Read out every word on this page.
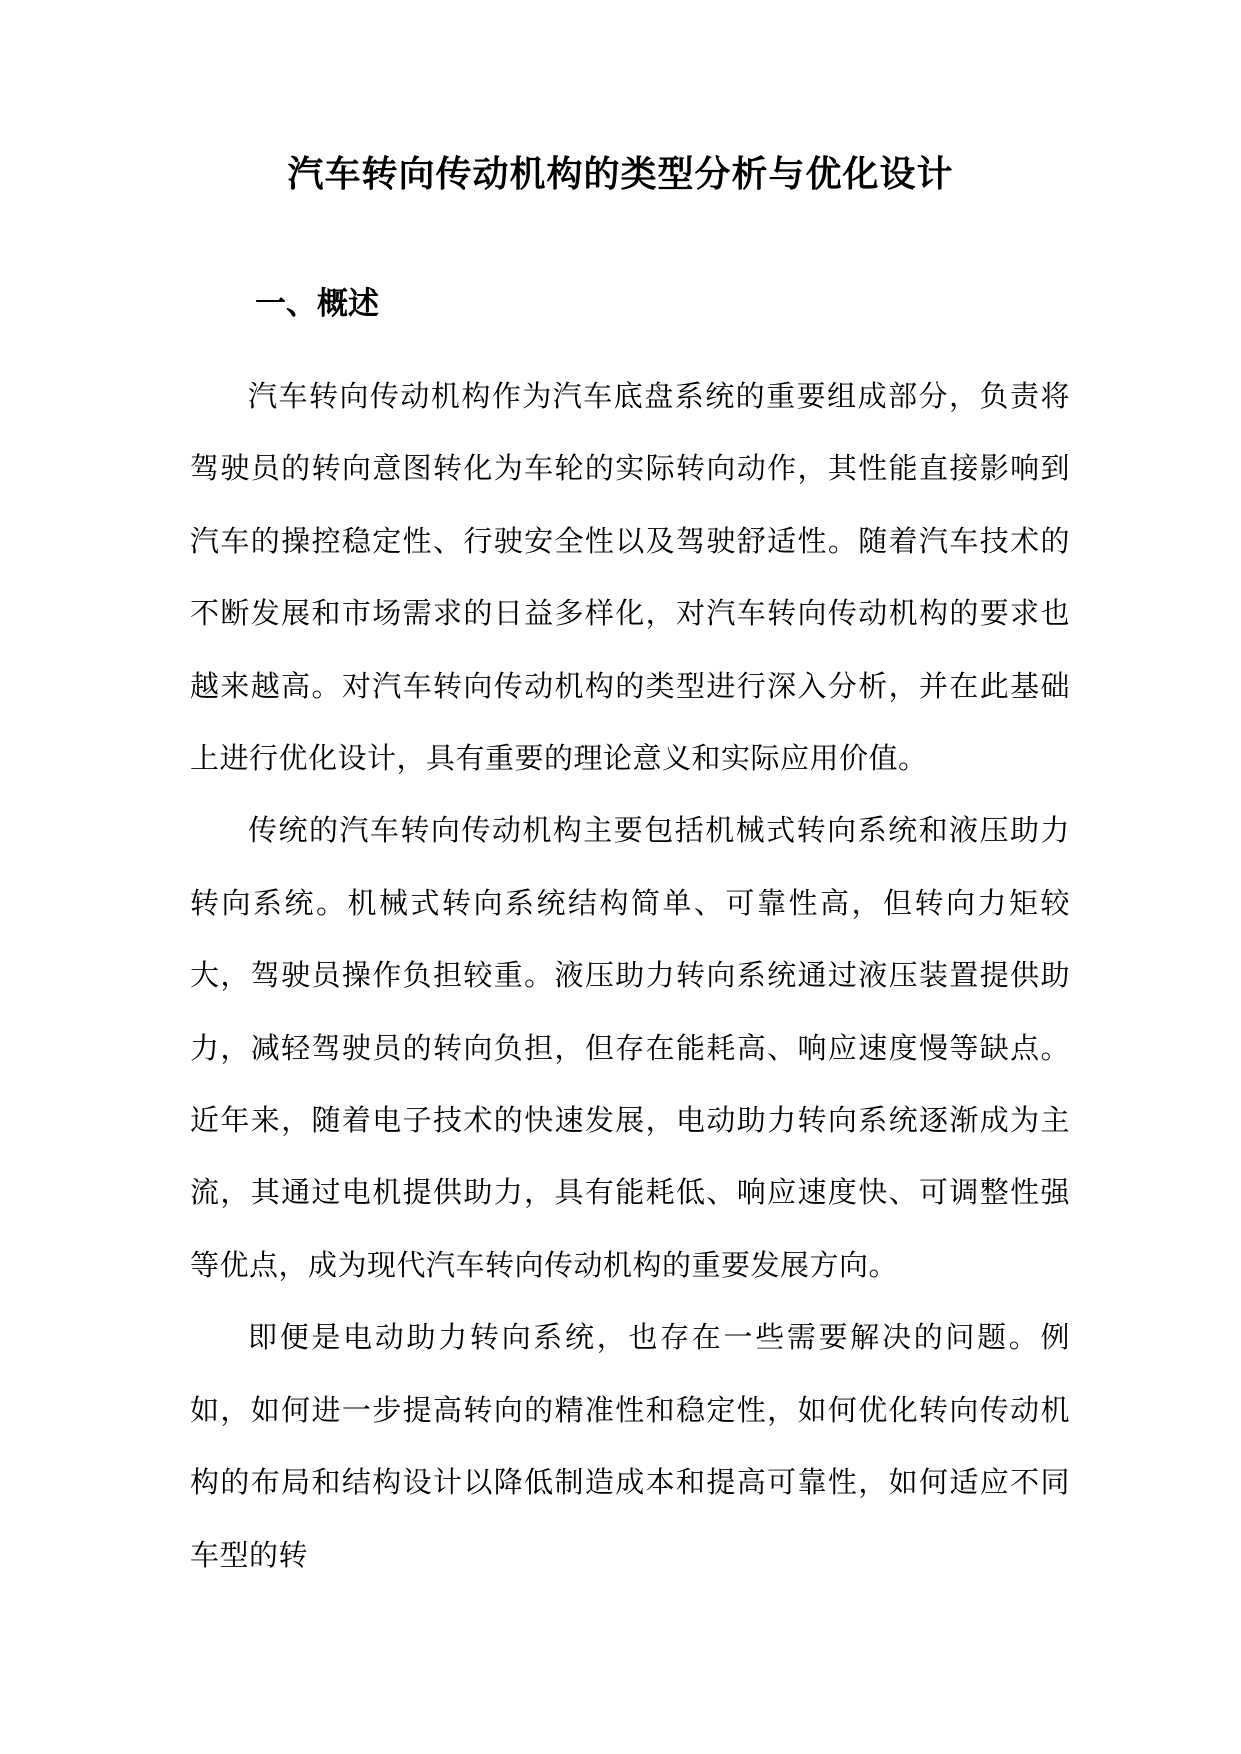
汽车转向传动机构的类型分析与优化设计
一、概述

汽车转向传动机构作为汽车底盘系统的重要组成部分，负责将驾驶员的转向意图转化为车轮的实际转向动作，其性能直接影响到汽车的操控稳定性、行驶安全性以及驾驶舒适性。随着汽车技术的不断发展和市场需求的日益多样化，对汽车转向传动机构的要求也越来越高。对汽车转向传动机构的类型进行深入分析，并在此基础上进行优化设计，具有重要的理论意义和实际应用价值。

传统的汽车转向传动机构主要包括机械式转向系统和液压助力转向系统。机械式转向系统结构简单、可靠性高，但转向力矩较大，驾驶员操作负担较重。液压助力转向系统通过液压装置提供助力，减轻驾驶员的转向负担，但存在能耗高、响应速度慢等缺点。近年来，随着电子技术的快速发展，电动助力转向系统逐渐成为主流，其通过电机提供助力，具有能耗低、响应速度快、可调整性强等优点，成为现代汽车转向传动机构的重要发展方向。

即便是电动助力转向系统，也存在一些需要解决的问题。例如，如何进一步提高转向的精准性和稳定性，如何优化转向传动机构的布局和结构设计以降低制造成本和提高可靠性，如何适应不同车型的转
